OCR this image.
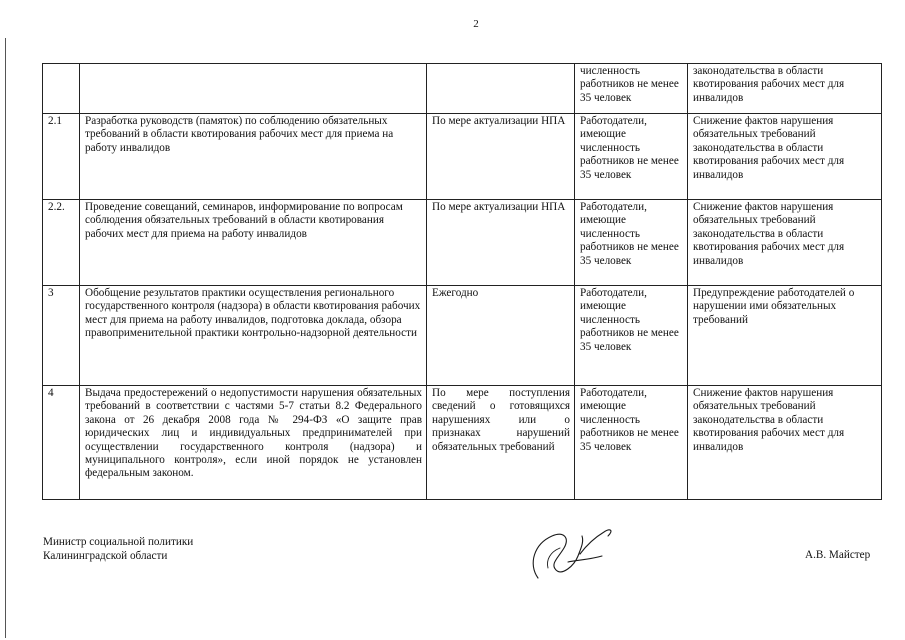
2
			численность работников не менее 35 человек	законодательства в области квотирования рабочих мест для инвалидов
2.1	Разработка руководств (памяток) по соблюдению обязательных требований в области квотирования рабочих мест для приема на работу инвалидов	По мере актуализации НПА	Работодатели, имеющие численность работников не менее 35 человек	Снижение фактов нарушения обязательных требований законодательства в области квотирования рабочих мест для инвалидов
2.2.	Проведение совещаний, семинаров, информирование по вопросам соблюдения обязательных требований в области квотирования рабочих мест для приема на работу инвалидов	По мере актуализации НПА	Работодатели, имеющие численность работников не менее 35 человек	Снижение фактов нарушения обязательных требований законодательства в области квотирования рабочих мест для инвалидов
3	Обобщение результатов практики осуществления регионального государственного контроля (надзора) в области квотирования рабочих мест для приема на работу инвалидов, подготовка доклада, обзора правоприменительной практики контрольно-надзорной деятельности	Ежегодно	Работодатели, имеющие численность работников не менее 35 человек	Предупреждение работодателей о нарушении ими обязательных требований
4	Выдача предостережений о недопустимости нарушения обязательных требований в соответствии с частями 5-7 статьи 8.2 Федерального закона от 26 декабря 2008 года № 294-ФЗ «О защите прав юридических лиц и индивидуальных предпринимателей при осуществлении государственного контроля (надзора) и муниципального контроля», если иной порядок не установлен федеральным законом.	По мере поступления сведений о готовящихся нарушениях или о признаках нарушений обязательных требований	Работодатели, имеющие численность работников не менее 35 человек	Снижение фактов нарушения обязательных требований законодательства в области квотирования рабочих мест для инвалидов
Министр социальной политики
Калининградской области	А.В. Майстер
